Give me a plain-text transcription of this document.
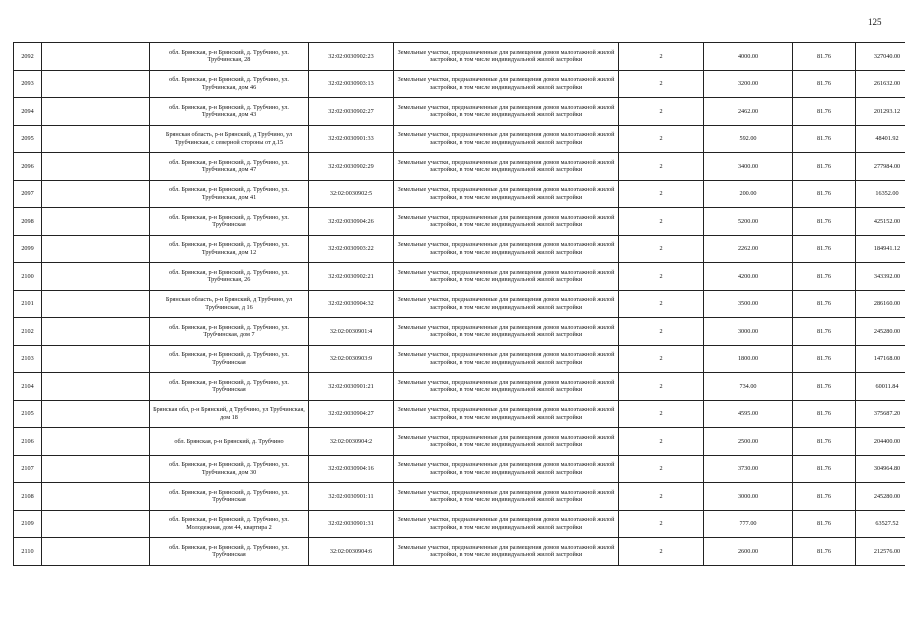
125
2092		обл. Брянская, р-н Брянский, д. Трубчино, ул. Трубчинская, 28	32:02:0030902:23	Земельные участки, предназначенные для размещения домов малоэтажной жилой застройки, в том числе индивидуальной жилой застройки	2	4000.00	81.76	327040.00
2093		обл. Брянская, р-н Брянский, д. Трубчино, ул. Трубчинская, дом 46	32:02:0030903:13	Земельные участки, предназначенные для размещения домов малоэтажной жилой застройки, в том числе индивидуальной жилой застройки	2	3200.00	81.76	261632.00
2094		обл. Брянская, р-н Брянский, д. Трубчино, ул. Трубчинская, дом 43	32:02:0030902:27	Земельные участки, предназначенные для размещения домов малоэтажной жилой застройки, в том числе индивидуальной жилой застройки	2	2462.00	81.76	201293.12
2095		Брянская область, р-н Брянский, д Трубчино, ул Трубчинская, с северной стороны от д.15	32:02:0030901:33	Земельные участки, предназначенные для размещения домов малоэтажной жилой застройки, в том числе индивидуальной жилой застройки	2	592.00	81.76	48401.92
2096		обл. Брянская, р-н Брянский, д. Трубчино, ул. Трубчинская, дом 47	32:02:0030902:29	Земельные участки, предназначенные для размещения домов малоэтажной жилой застройки, в том числе индивидуальной жилой застройки	2	3400.00	81.76	277984.00
2097		обл. Брянская, р-н Брянский, д. Трубчино, ул. Трубчинская, дом 41	32:02:0030902:5	Земельные участки, предназначенные для размещения домов малоэтажной жилой застройки, в том числе индивидуальной жилой застройки	2	200.00	81.76	16352.00
2098		обл. Брянская, р-н Брянский, д. Трубчино, ул. Трубчинская	32:02:0030904:26	Земельные участки, предназначенные для размещения домов малоэтажной жилой застройки, в том числе индивидуальной жилой застройки	2	5200.00	81.76	425152.00
2099		обл. Брянская, р-н Брянский, д. Трубчино, ул. Трубчинская, дом 12	32:02:0030903:22	Земельные участки, предназначенные для размещения домов малоэтажной жилой застройки, в том числе индивидуальной жилой застройки	2	2262.00	81.76	184941.12
2100		обл. Брянская, р-н Брянский, д. Трубчино, ул. Трубчинская, 26	32:02:0030902:21	Земельные участки, предназначенные для размещения домов малоэтажной жилой застройки, в том числе индивидуальной жилой застройки	2	4200.00	81.76	343392.00
2101		Брянская область, р-н Брянский, д Трубчино, ул Трубчинская, д 16	32:02:0030904:32	Земельные участки, предназначенные для размещения домов малоэтажной жилой застройки, в том числе индивидуальной жилой застройки	2	3500.00	81.76	286160.00
2102		обл. Брянская, р-н Брянский, д. Трубчино, ул. Трубчинская, дом 7	32:02:0030901:4	Земельные участки, предназначенные для размещения домов малоэтажной жилой застройки, в том числе индивидуальной жилой застройки	2	3000.00	81.76	245280.00
2103		обл. Брянская, р-н Брянский, д. Трубчино, ул. Трубчинская	32:02:0030903:9	Земельные участки, предназначенные для размещения домов малоэтажной жилой застройки, в том числе индивидуальной жилой застройки	2	1800.00	81.76	147168.00
2104		обл. Брянская, р-н Брянский, д. Трубчино, ул. Трубчинская	32:02:0030901:21	Земельные участки, предназначенные для размещения домов малоэтажной жилой застройки, в том числе индивидуальной жилой застройки	2	734.00	81.76	60011.84
2105		Брянская обл, р-н Брянский, д Трубчино, ул Трубчинская, дом 18	32:02:0030904:27	Земельные участки, предназначенные для размещения домов малоэтажной жилой застройки, в том числе индивидуальной жилой застройки	2	4595.00	81.76	375687.20
2106		обл. Брянская, р-н Брянский, д. Трубчино	32:02:0030904:2	Земельные участки, предназначенные для размещения домов малоэтажной жилой застройки, в том числе индивидуальной жилой застройки	2	2500.00	81.76	204400.00
2107		обл. Брянская, р-н Брянский, д. Трубчино, ул. Трубчинская, дом 30	32:02:0030904:16	Земельные участки, предназначенные для размещения домов малоэтажной жилой застройки, в том числе индивидуальной жилой застройки	2	3730.00	81.76	304964.80
2108		обл. Брянская, р-н Брянский, д. Трубчино, ул. Трубчинская	32:02:0030901:11	Земельные участки, предназначенные для размещения домов малоэтажной жилой застройки, в том числе индивидуальной жилой застройки	2	3000.00	81.76	245280.00
2109		обл. Брянская, р-н Брянский, д. Трубчино, ул. Молодежная, дом 44, квартира 2	32:02:0030901:31	Земельные участки, предназначенные для размещения домов малоэтажной жилой застройки, в том числе индивидуальной жилой застройки	2	777.00	81.76	63527.52
2110		обл. Брянская, р-н Брянский, д. Трубчино, ул. Трубчинская	32:02:0030904:6	Земельные участки, предназначенные для размещения домов малоэтажной жилой застройки, в том числе индивидуальной жилой застройки	2	2600.00	81.76	212576.00
